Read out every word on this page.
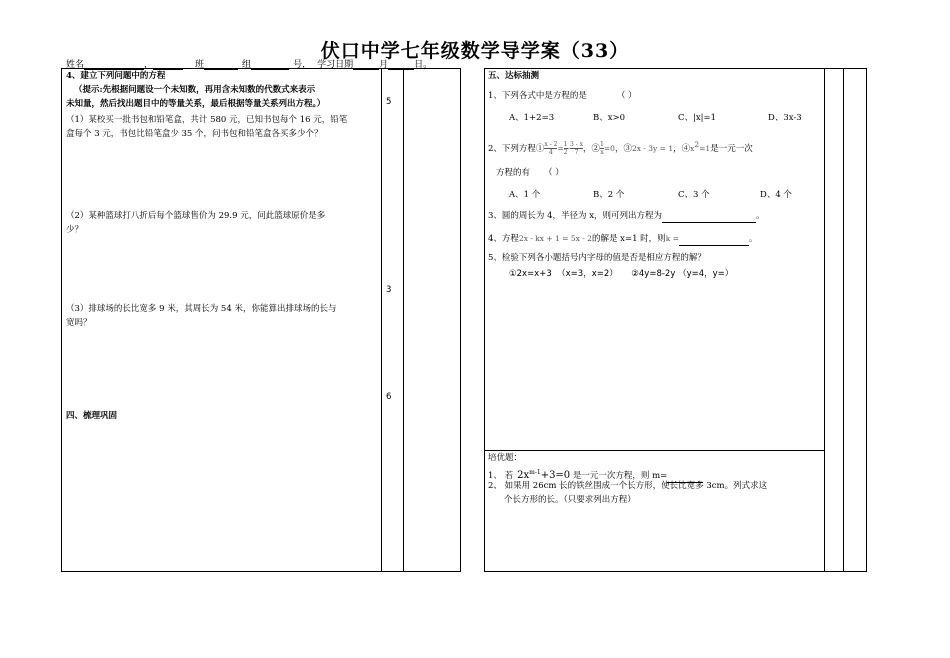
伏口中学七年级数学导学案（33）
姓名	，	班	组	号， 学习日期	月	日。
4、建立下列问题中的方程
（提示:先根据问题设一个未知数，再用含未知数的代数式来表示
未知量，然后找出题目中的等量关系，最后根据等量关系列出方程。）
（1）某校买一批书包和铅笔盒，共计 580 元，已知书包每个 16 元，铅笔
盒每个 3 元，书包比铅笔盒少 35 个，问书包和铅笔盒各买多少个？
（2）某种篮球打八折后每个篮球售价为 29.9 元，问此篮球原价是多
少？
（3）排球场的长比宽多 9 米，其周长为 54 米，你能算出排球场的长与
宽吗？
四、梳理巩固
5
3
6
五、达标抽测
1、下列各式中是方程的是	（ ）
A、1+2=3	B、x>0	C、|x|=1	D、3x-3
2、下列方程① $\frac{x - 2}{4} = \frac{1}{2} \cdot \frac{3 - x}{7}$ ，② $\frac{1}{x} =0$，③2x - 3y = 1，$④x^2=1$是一元一次
方程的有 （ ）
A、1 个	B、2 个	C、3 个	D、4 个
3、圆的周长为 4，半径为 x，则可列出方程为	。
4、方程2x - kx + 1 = 5x - 2的解是 x=1 时，则k =	。
5、检验下列各小题括号内字母的值是否是相应方程的解？
①2x=x+3  （x=3，x=2）     ②4y=8-2y （y=4，y=）
培优题：
1、 若 $2x^{m-1}+3=0$ 是一元一次方程，则 m=
2、 如果用 26cm 长的铁丝围成一个长方形，使长比宽多 3cm。列式求这
个长方形的长。（只要求列出方程）
